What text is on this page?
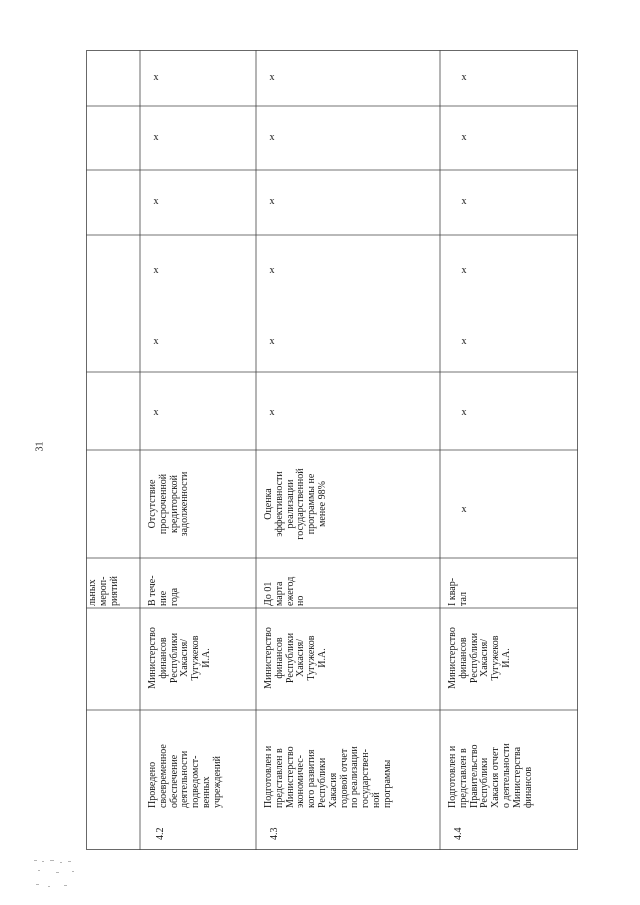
31
льных
мероп-
риятий
4.2
Проведено
своевременное
обеспечение
деятельности
подведомст-
венных
учреждений
Министерство
финансов
Республики
Хакасия/
Тугужеков
И.А.
В тече-
ние
года
Отсутствие
просроченной
кредиторской
задолженности
x
x
x
x
x
x
4.3
Подготовлен и
представлен в
Министерство
экономичес-
кого развития
Республики
Хакасия
годовой отчет
по реализации
государствен-
ной
программы
Министерство
финансов
Республики
Хакасия/
Тугужеков
И.А.
До 01
марта
ежегод
но
Оценка
эффективности
реализации
государственной
программы не
менее 98%
x
x
x
x
x
x
4.4
Подготовлен и
представлен в
Правительство
Республики
Хакасия отчет
о деятельности
Министерства
финансов
Министерство
финансов
Республики
Хакасия/
Тугужеков
И.А.
I квар-
тал
x
x
x
x
x
x
x
